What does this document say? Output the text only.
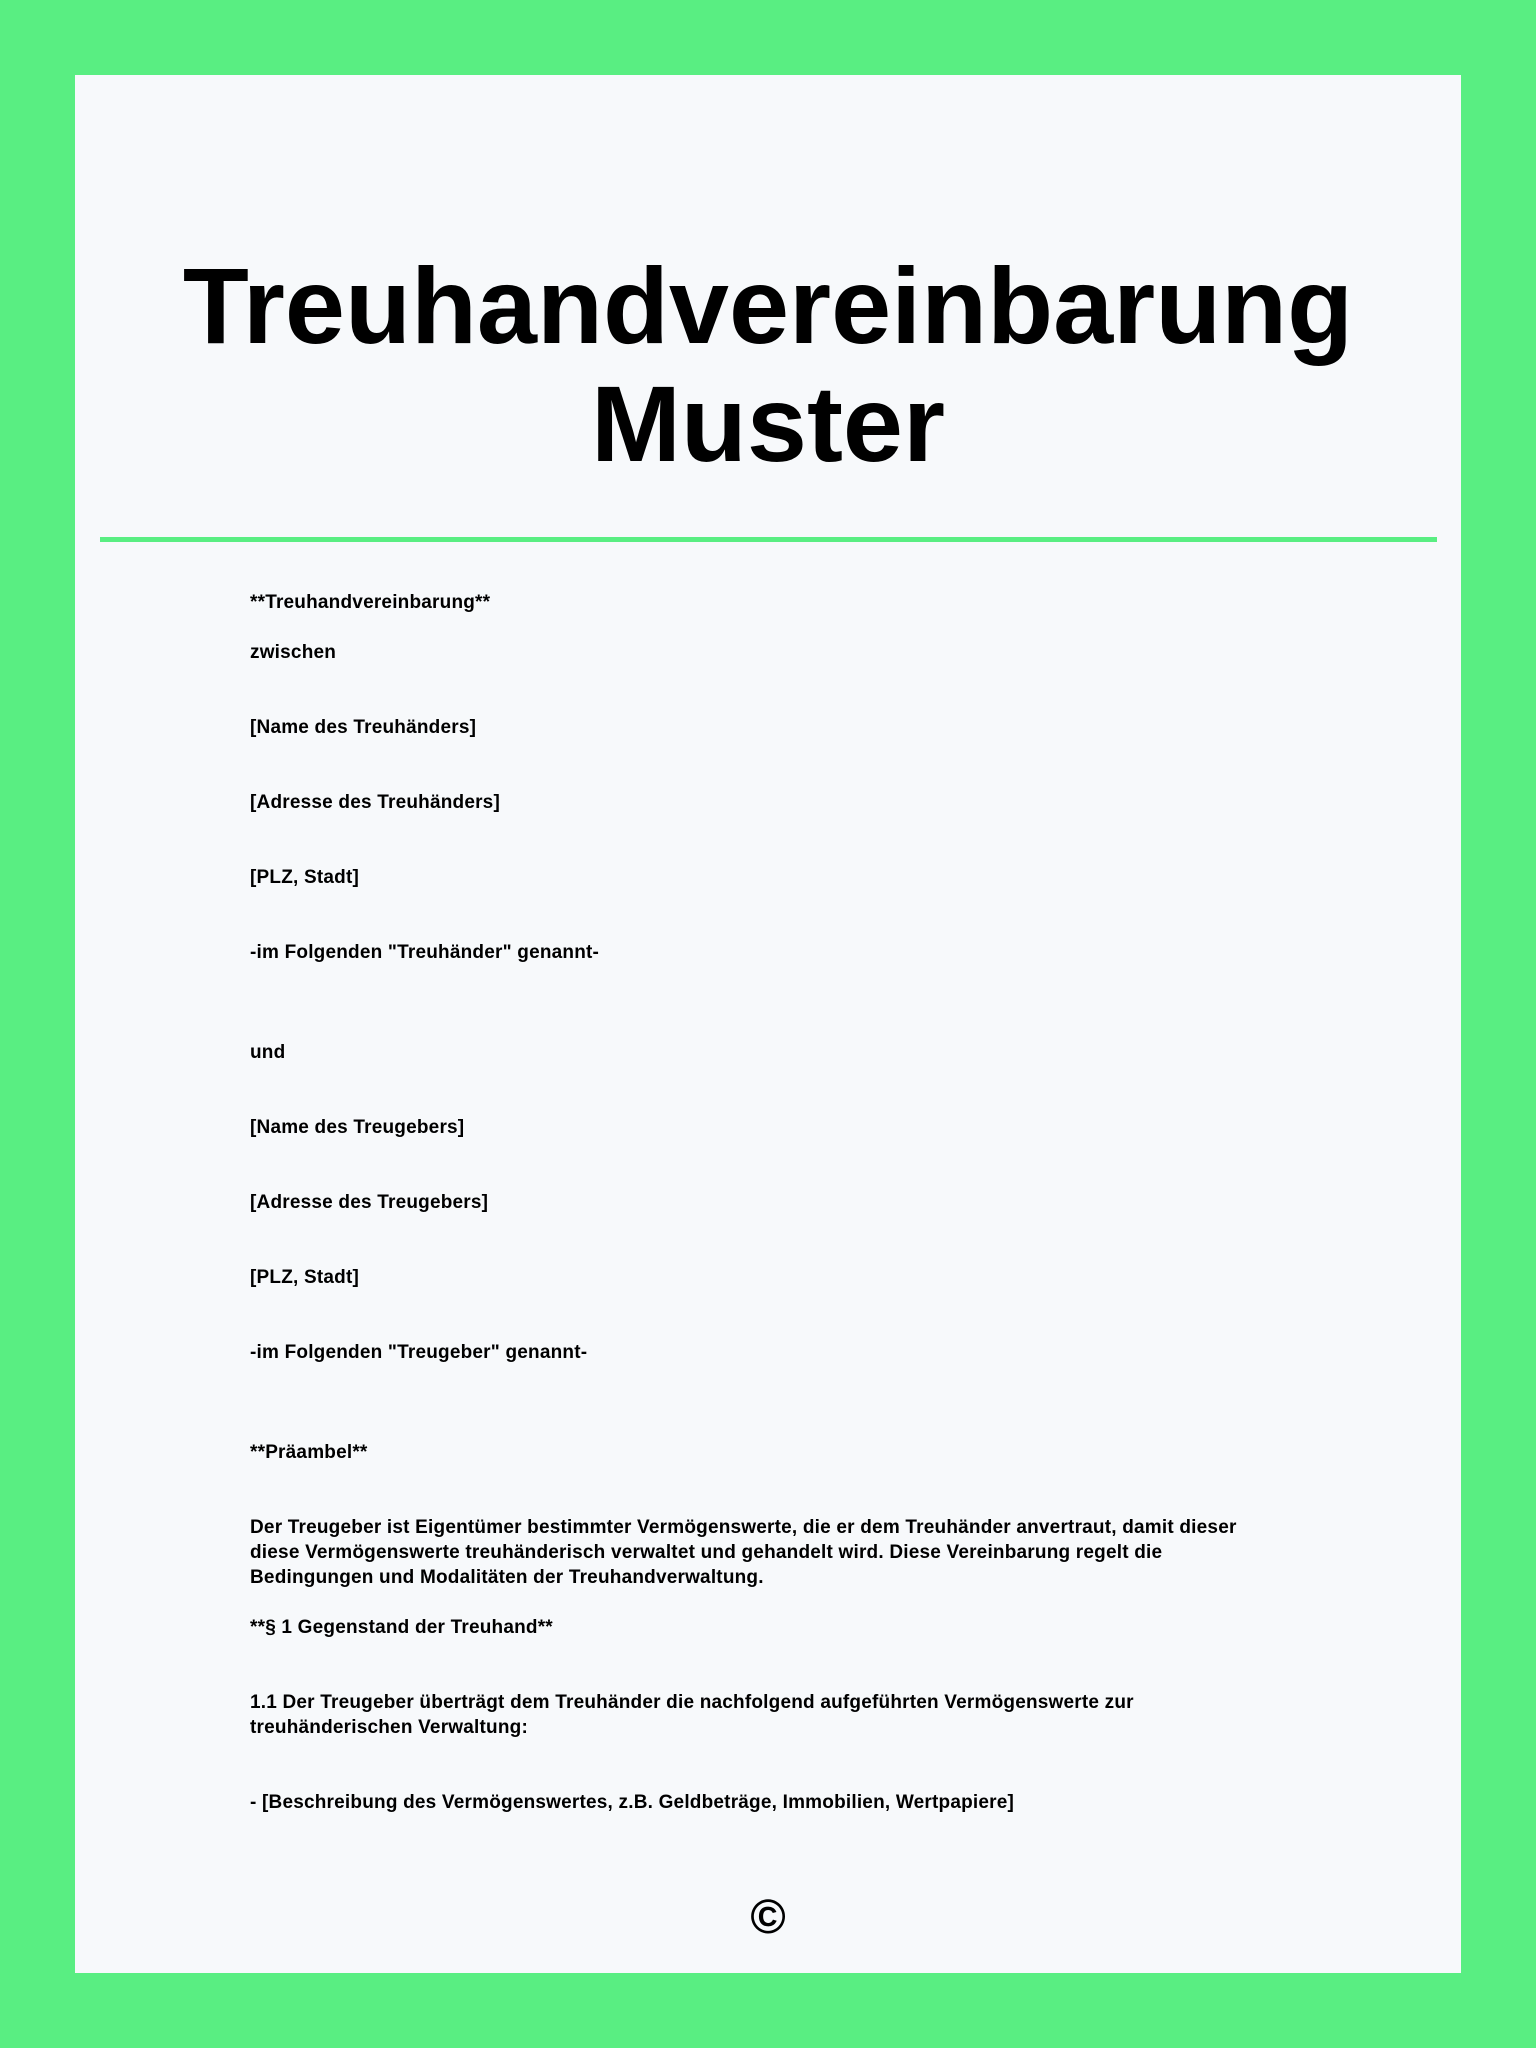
Treuhandvereinbarung
Muster
**Treuhandvereinbarung**
zwischen
[Name des Treuhänders]
[Adresse des Treuhänders]
[PLZ, Stadt]
-im Folgenden "Treuhänder" genannt-
und
[Name des Treugebers]
[Adresse des Treugebers]
[PLZ, Stadt]
-im Folgenden "Treugeber" genannt-
**Präambel**
Der Treugeber ist Eigentümer bestimmter Vermögenswerte, die er dem Treuhänder anvertraut, damit dieser diese Vermögenswerte treuhänderisch verwaltet und gehandelt wird. Diese Vereinbarung regelt die Bedingungen und Modalitäten der Treuhandverwaltung.
**§ 1 Gegenstand der Treuhand**
1.1 Der Treugeber überträgt dem Treuhänder die nachfolgend aufgeführten Vermögenswerte zur treuhänderischen Verwaltung:
- [Beschreibung des Vermögenswertes, z.B. Geldbeträge, Immobilien, Wertpapiere]
©
